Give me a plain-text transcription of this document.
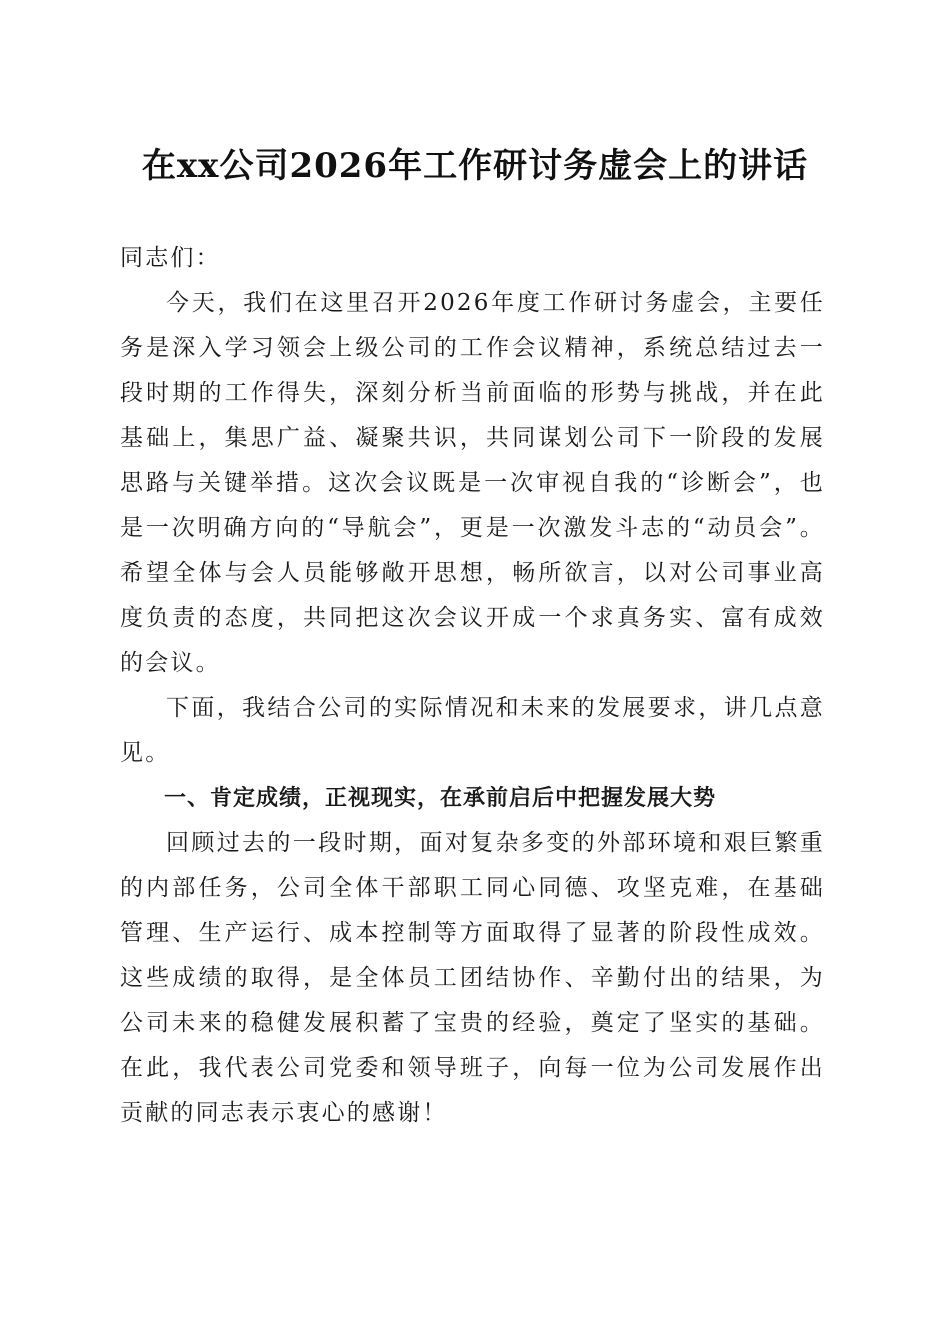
在xx公司2026年工作研讨务虚会上的讲话

同志们：

今天，我们在这里召开2026年度工作研讨务虚会，主要任务是深入学习领会上级公司的工作会议精神，系统总结过去一段时期的工作得失，深刻分析当前面临的形势与挑战，并在此基础上，集思广益、凝聚共识，共同谋划公司下一阶段的发展思路与关键举措。这次会议既是一次审视自我的“诊断会”，也是一次明确方向的“导航会”，更是一次激发斗志的“动员会”。希望全体与会人员能够敞开思想，畅所欲言，以对公司事业高度负责的态度，共同把这次会议开成一个求真务实、富有成效的会议。

下面，我结合公司的实际情况和未来的发展要求，讲几点意见。

一、肯定成绩，正视现实，在承前启后中把握发展大势

回顾过去的一段时期，面对复杂多变的外部环境和艰巨繁重的内部任务，公司全体干部职工同心同德、攻坚克难，在基础管理、生产运行、成本控制等方面取得了显著的阶段性成效。这些成绩的取得，是全体员工团结协作、辛勤付出的结果，为公司未来的稳健发展积蓄了宝贵的经验，奠定了坚实的基础。在此，我代表公司党委和领导班子，向每一位为公司发展作出贡献的同志表示衷心的感谢！
